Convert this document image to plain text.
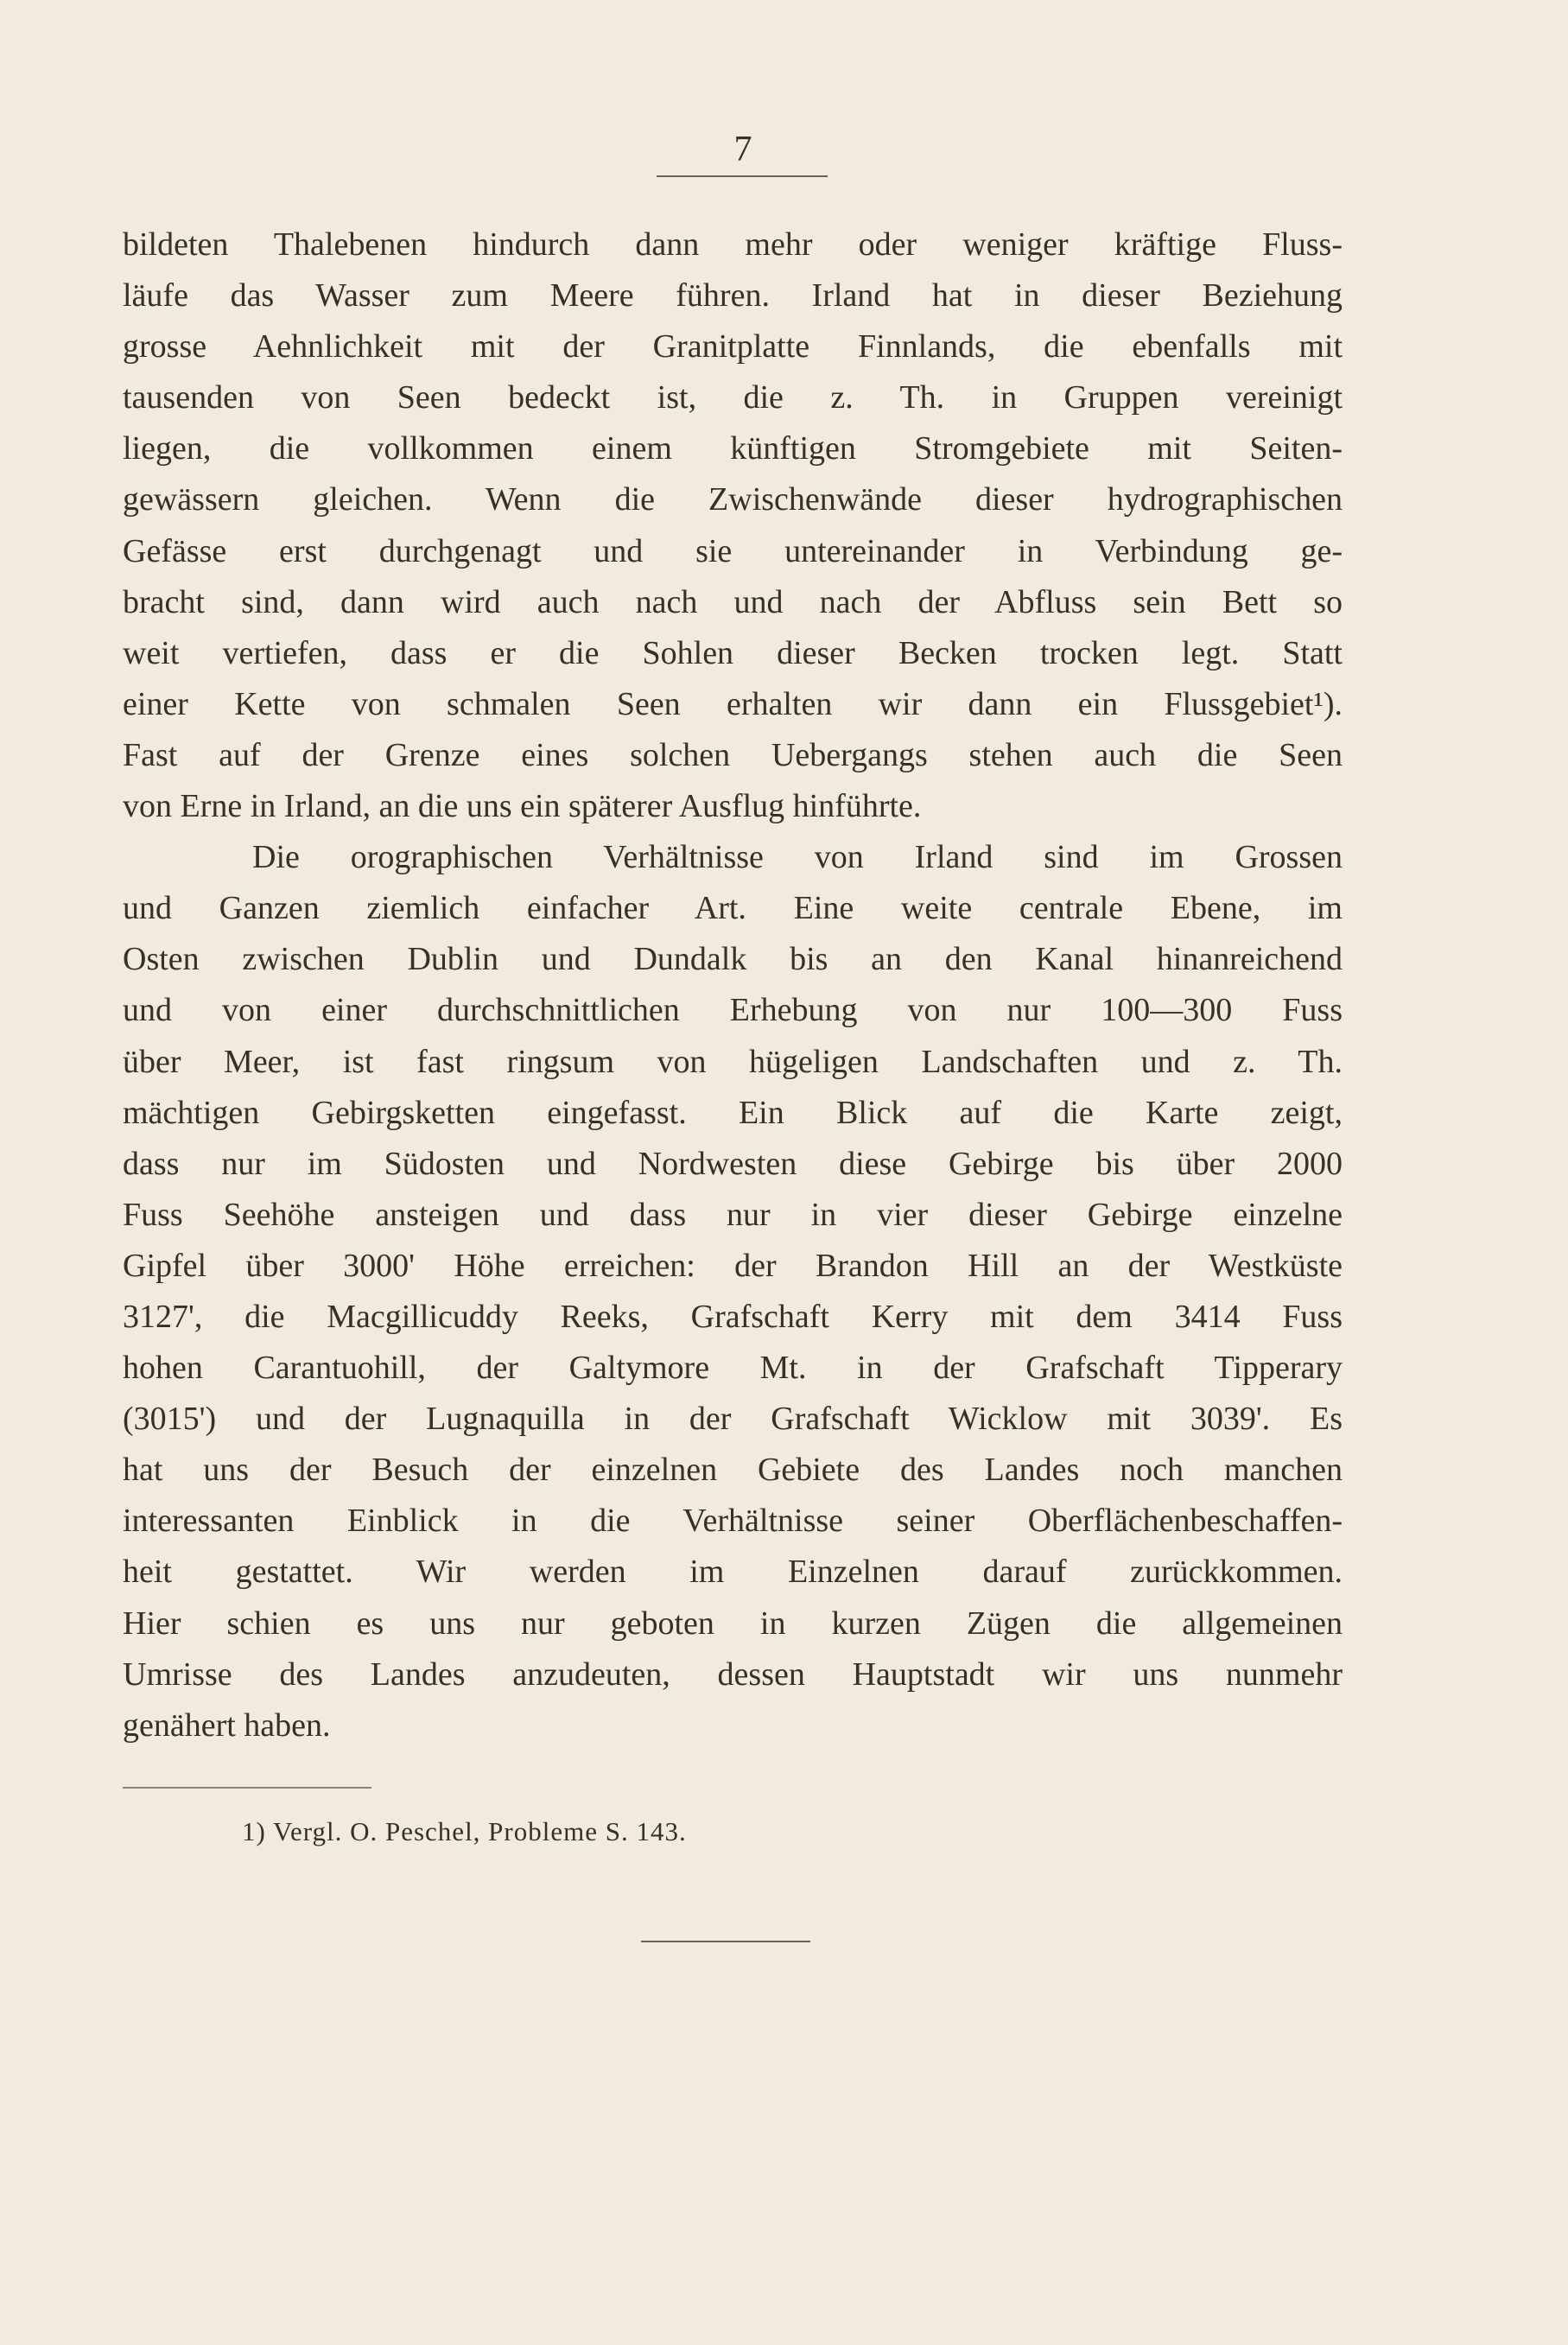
7
bildeten Thalebenen hindurch dann mehr oder weniger kräftige Fluss-
läufe das Wasser zum Meere führen. Irland hat in dieser Beziehung
grosse Aehnlichkeit mit der Granitplatte Finnlands, die ebenfalls mit
tausenden von Seen bedeckt ist, die z. Th. in Gruppen vereinigt
liegen, die vollkommen einem künftigen Stromgebiete mit Seiten-
gewässern gleichen. Wenn die Zwischenwände dieser hydrographischen
Gefässe erst durchgenagt und sie untereinander in Verbindung ge-
bracht sind, dann wird auch nach und nach der Abfluss sein Bett so
weit vertiefen, dass er die Sohlen dieser Becken trocken legt. Statt
einer Kette von schmalen Seen erhalten wir dann ein Flussgebiet¹).
Fast auf der Grenze eines solchen Uebergangs stehen auch die Seen
von Erne in Irland, an die uns ein späterer Ausflug hinführte.
Die orographischen Verhältnisse von Irland sind im Grossen
und Ganzen ziemlich einfacher Art. Eine weite centrale Ebene, im
Osten zwischen Dublin und Dundalk bis an den Kanal hinanreichend
und von einer durchschnittlichen Erhebung von nur 100—300 Fuss
über Meer, ist fast ringsum von hügeligen Landschaften und z. Th.
mächtigen Gebirgsketten eingefasst. Ein Blick auf die Karte zeigt,
dass nur im Südosten und Nordwesten diese Gebirge bis über 2000
Fuss Seehöhe ansteigen und dass nur in vier dieser Gebirge einzelne
Gipfel über 3000' Höhe erreichen: der Brandon Hill an der Westküste
3127', die Macgillicuddy Reeks, Grafschaft Kerry mit dem 3414 Fuss
hohen Carantuohill, der Galtymore Mt. in der Grafschaft Tipperary
(3015') und der Lugnaquilla in der Grafschaft Wicklow mit 3039'. Es
hat uns der Besuch der einzelnen Gebiete des Landes noch manchen
interessanten Einblick in die Verhältnisse seiner Oberflächenbeschaffen-
heit gestattet. Wir werden im Einzelnen darauf zurückkommen.
Hier schien es uns nur geboten in kurzen Zügen die allgemeinen
Umrisse des Landes anzudeuten, dessen Hauptstadt wir uns nunmehr
genähert haben.
1) Vergl. O. Peschel, Probleme S. 143.
